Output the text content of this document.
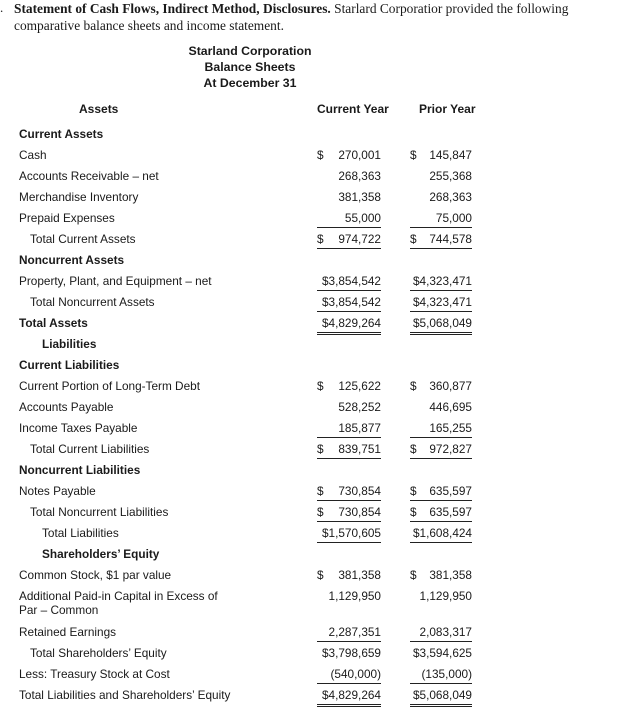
. Statement of Cash Flows, Indirect Method, Disclosures. Starlard Corporatior provided the following comparative balance sheets and income statement.
Starland Corporation
Balance Sheets
At December 31
Assets	Current Year	Prior Year
Current Assets
Cash	$ 270,001 $ 145,847
Accounts Receivable – net	268,363	255,368
Merchandise Inventory	381,358	268,363
Prepaid Expenses	55,000	75,000
Total Current Assets	$ 974,722 $ 744,578
Noncurrent Assets
Property, Plant, and Equipment – net	$3,854,542	$4,323,471
Total Noncurrent Assets	$3,854,542	$4,323,471
Total Assets	$4,829,264	$5,068,049
Liabilities
Current Liabilities
Current Portion of Long-Term Debt	$ 125,622 $ 360,877
Accounts Payable	528,252	446,695
Income Taxes Payable	185,877	165,255
Total Current Liabilities	$ 839,751 $ 972,827
Noncurrent Liabilities
Notes Payable	$ 730,854 $ 635,597
Total Noncurrent Liabilities	$ 730,854 $ 635,597
Total Liabilities	$1,570,605	$1,608,424
Shareholders’ Equity
Common Stock, $1 par value	$ 381,358 $ 381,358
Additional Paid-in Capital in Excess of Par – Common
1,129,950	1,129,950
Retained Earnings	2,287,351	2,083,317
Total Shareholders’ Equity	$3,798,659	$3,594,625
Less: Treasury Stock at Cost	(540,000)	(135,000)
Total Liabilities and Shareholders’ Equity	$4,829,264	$5,068,049
